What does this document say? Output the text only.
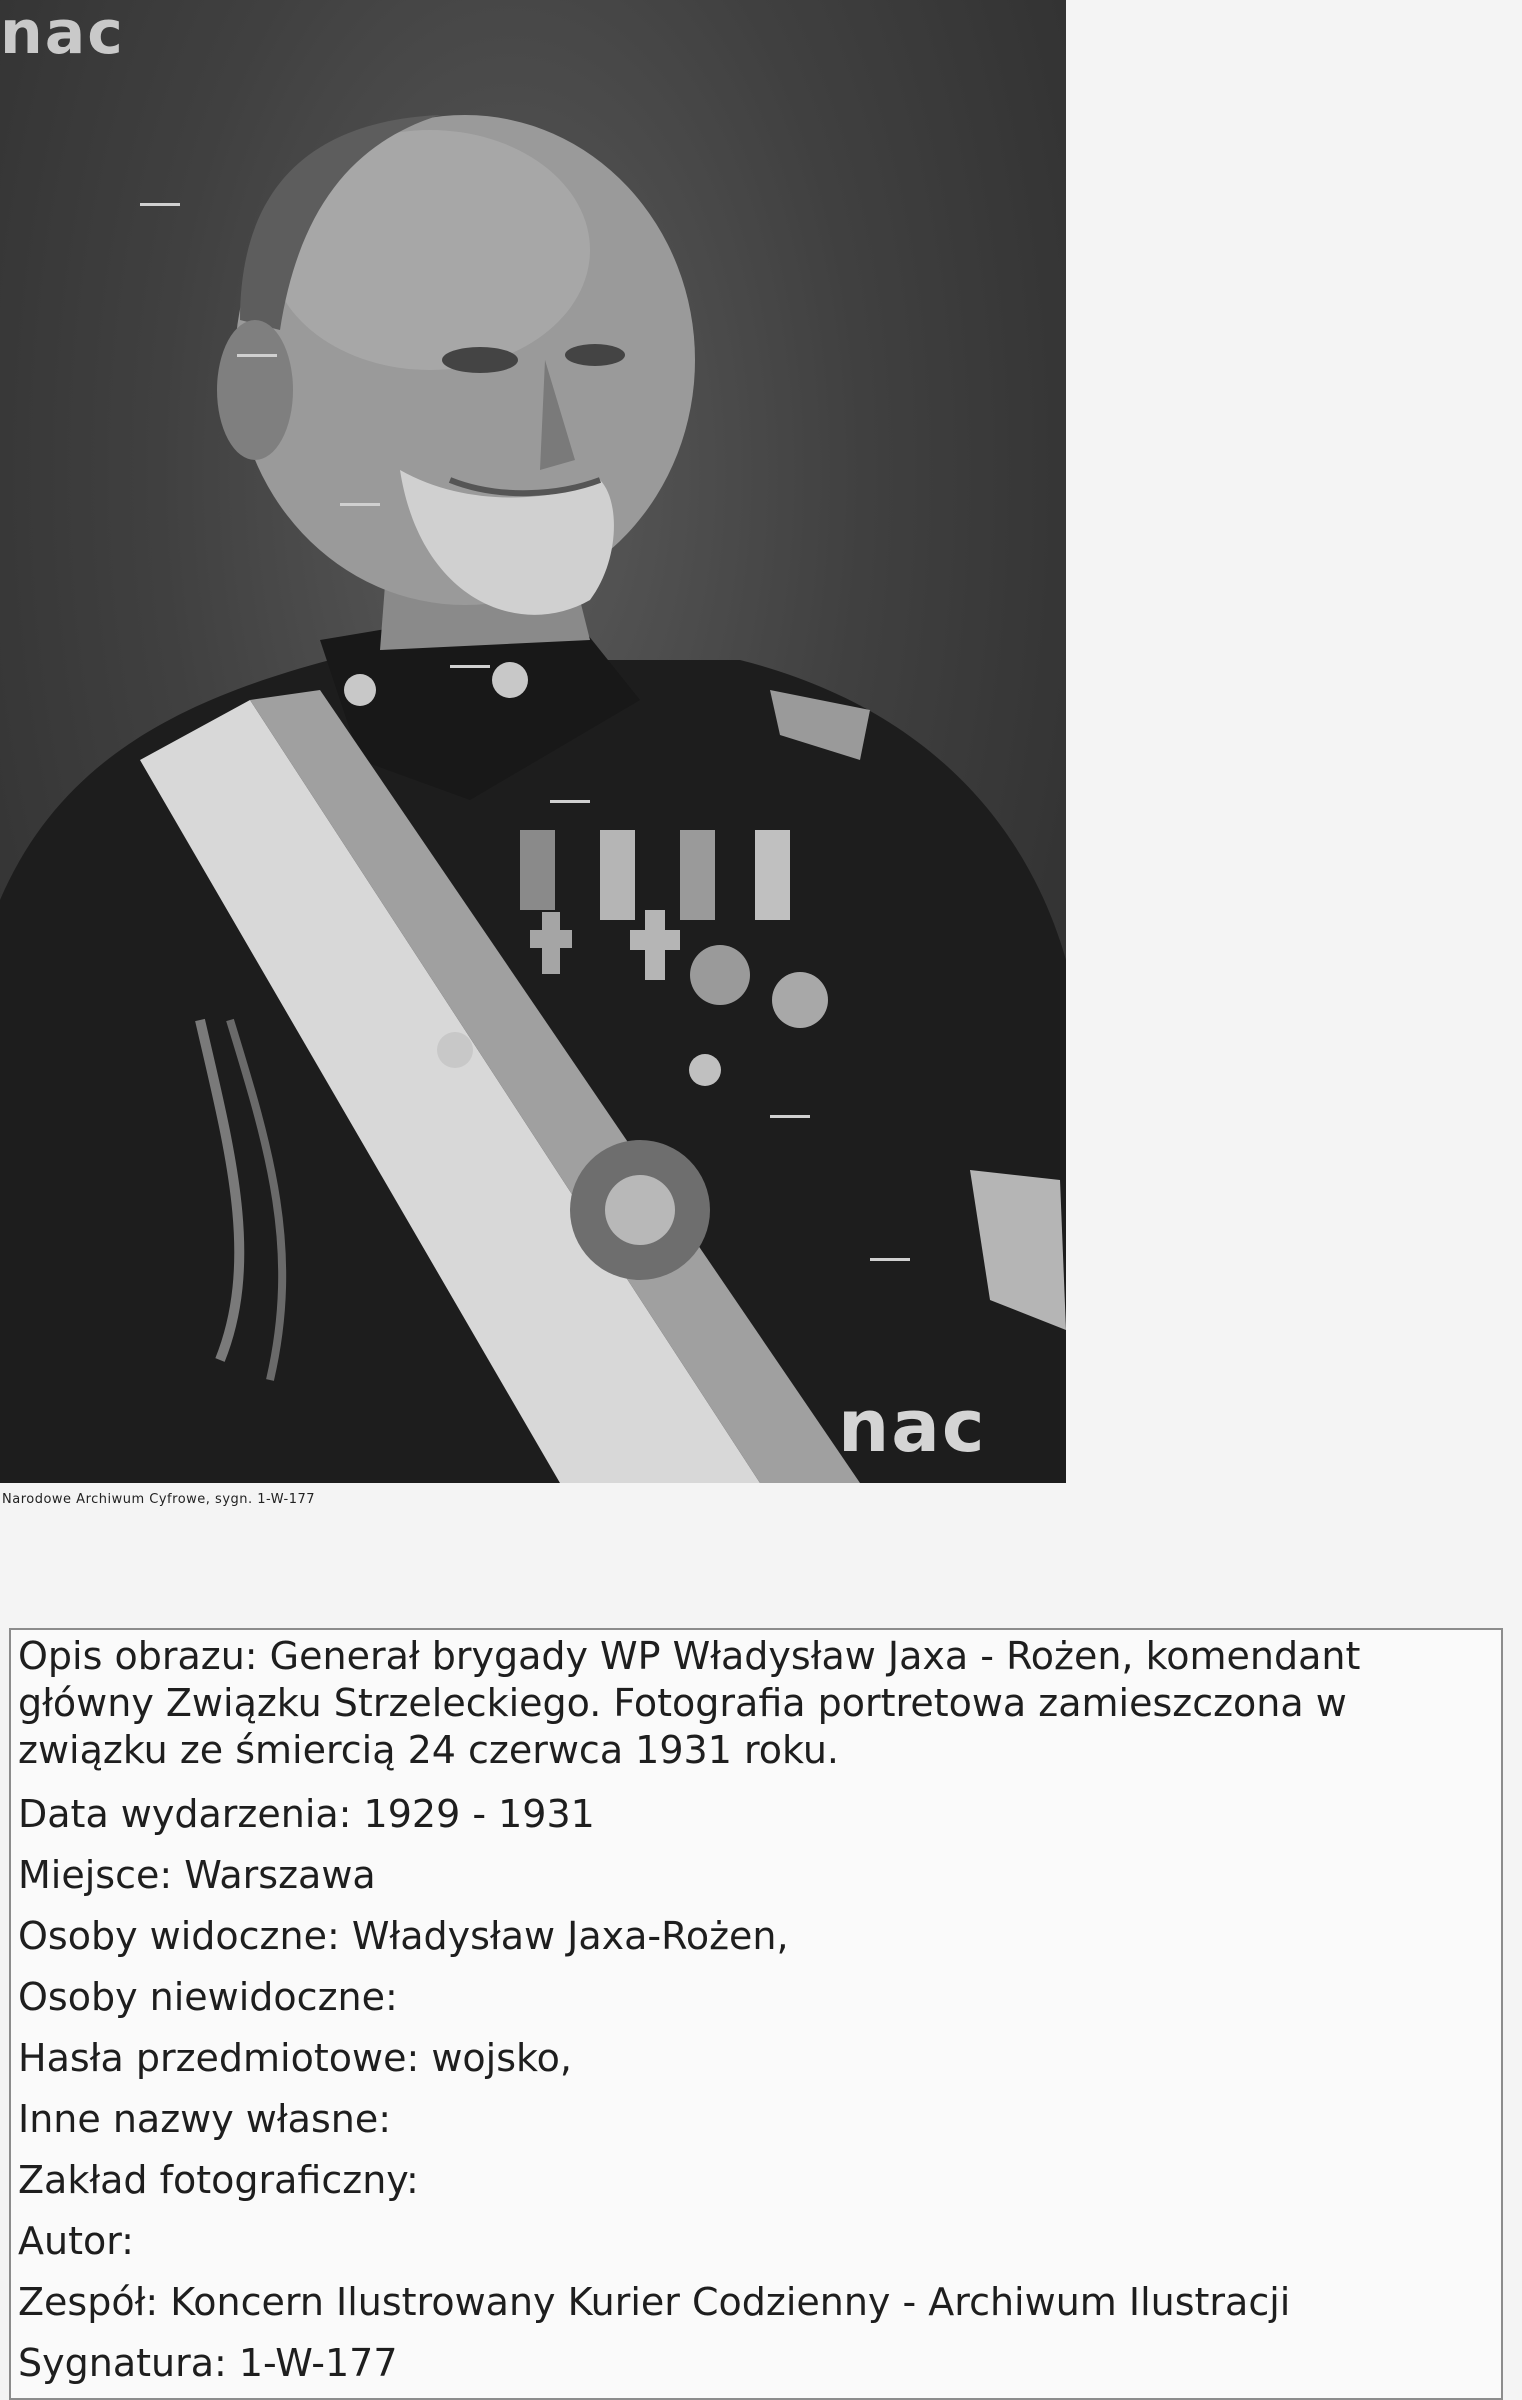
nac
nac
Narodowe Archiwum Cyfrowe, sygn. 1-W-177
Opis obrazu: Generał brygady WP Władysław Jaxa - Rożen, komendant
główny Związku Strzeleckiego. Fotografia portretowa zamieszczona w
związku ze śmiercią 24 czerwca 1931 roku.
Data wydarzenia: 1929 - 1931
Miejsce: Warszawa
Osoby widoczne: Władysław Jaxa-Rożen,
Osoby niewidoczne:
Hasła przedmiotowe: wojsko,
Inne nazwy własne:
Zakład fotograficzny:
Autor:
Zespół: Koncern Ilustrowany Kurier Codzienny - Archiwum Ilustracji
Sygnatura: 1-W-177
